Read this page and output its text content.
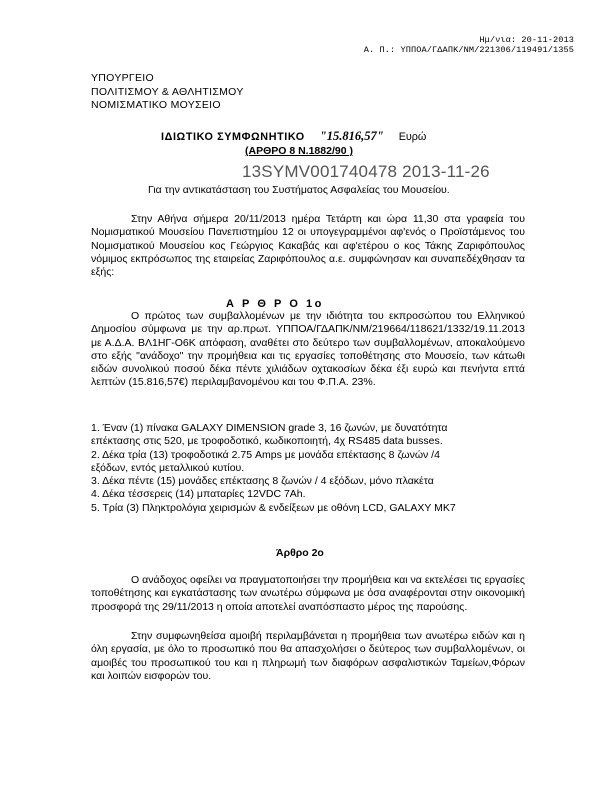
Ημ/νια: 20-11-2013
Α. Π.: ΥΠΠΟΑ/ΓΔΑΠΚ/ΝΜ/221306/119491/1355
ΥΠΟΥΡΓΕΙΟ
ΠΟΛΙΤΙΣΜΟΥ & ΑΘΛΗΤΙΣΜΟΥ
ΝΟΜΙΣΜΑΤΙΚΟ ΜΟΥΣΕΙΟ
ΙΔΙΩΤΙΚΟ ΣΥΜΦΩΝΗΤΙΚΟ "15.816,57" Ευρώ
(ΑΡΘΡΟ 8 Ν.1882/90 )
13SYMV001740478 2013-11-26
Για την αντικατάσταση του Συστήματος Ασφαλείας του Μουσείου.
Στην Αθήνα σήμερα 20/11/2013 ημέρα Τετάρτη και ώρα 11,30 στα γραφεία του Νομισματικού Μουσείου Πανεπιστημίου 12 οι υπογεγραμμένοι αφ'ενός ο Προϊστάμενος του Νομισματικού Μουσείου κος Γεώργιος Κακαβάς και αφ'ετέρου ο κος Τάκης Ζαριφόπουλος νόμιμος εκπρόσωπος της εταιρείας Ζαριφόπουλος α.ε. συμφώνησαν και συναπεδέχθησαν τα εξής:
Α Ρ Θ Ρ Ο 1ο
Ο πρώτος των συμβαλλομένων με την ιδιότητα του εκπροσώπου του Ελληνικού Δημοσίου σύμφωνα με την αρ.πρωτ. ΥΠΠΟΑ/ΓΔΑΠΚ/ΝΜ/219664/118621/1332/19.11.2013 με Α.Δ.Α. ΒΛ1ΗΓ-Ο6Κ απόφαση, αναθέτει στο δεύτερο των συμβαλλομένων, αποκαλούμενο στο εξής "ανάδοχο" την προμήθεια και τις εργασίες τοποθέτησης στο Μουσείο, των κάτωθι ειδών συνολικού ποσού δέκα πέντε χιλιάδων οχτακοσίων δέκα έξι ευρώ και πενήντα επτά λεπτών (15.816,57€) περιλαμβανομένου και του Φ.Π.Α. 23%.
1. Έναν (1) πίνακα GALAXY DIMENSION grade 3, 16 ζωνών, με δυνατότητα
επέκτασης στις 520, με τροφοδοτικό, κωδικοποιητή, 4χ RS485 data busses.
2. Δέκα τρία (13) τροφοδοτικά 2.75 Amps με μονάδα επέκτασης 8 ζωνών /4
εξόδων, εντός μεταλλικού κυτίου.
3. Δέκα πέντε (15) μονάδες επέκτασης 8 ζωνών / 4 εξόδων, μόνο πλακέτα
4. Δέκα τέσσερεις (14) μπαταρίες 12VDC 7Ah.
5. Τρία (3) Πληκτρολόγια χειρισμών & ενδείξεων με οθόνη LCD, GALAXY MK7
Άρθρο 2ο
Ο ανάδοχος οφείλει να πραγματοποιήσει την προμήθεια και να εκτελέσει τις εργασίες τοποθέτησης και εγκατάστασης των ανωτέρω σύμφωνα με όσα αναφέρονται στην οικονομική προσφορά της 29/11/2013 η οποία αποτελεί αναπόσπαστο μέρος της παρούσης.
Στην συμφωνηθείσα αμοιβή περιλαμβάνεται η προμήθεια των ανωτέρω ειδών και η όλη εργασία, με όλο το προσωπικό που θα απασχολήσει ο δεύτερος των συμβαλλομένων, οι αμοιβές του προσωπικού του και η πληρωμή των διαφόρων ασφαλιστικών Ταμείων,Φόρων και λοιπών εισφορών του.
